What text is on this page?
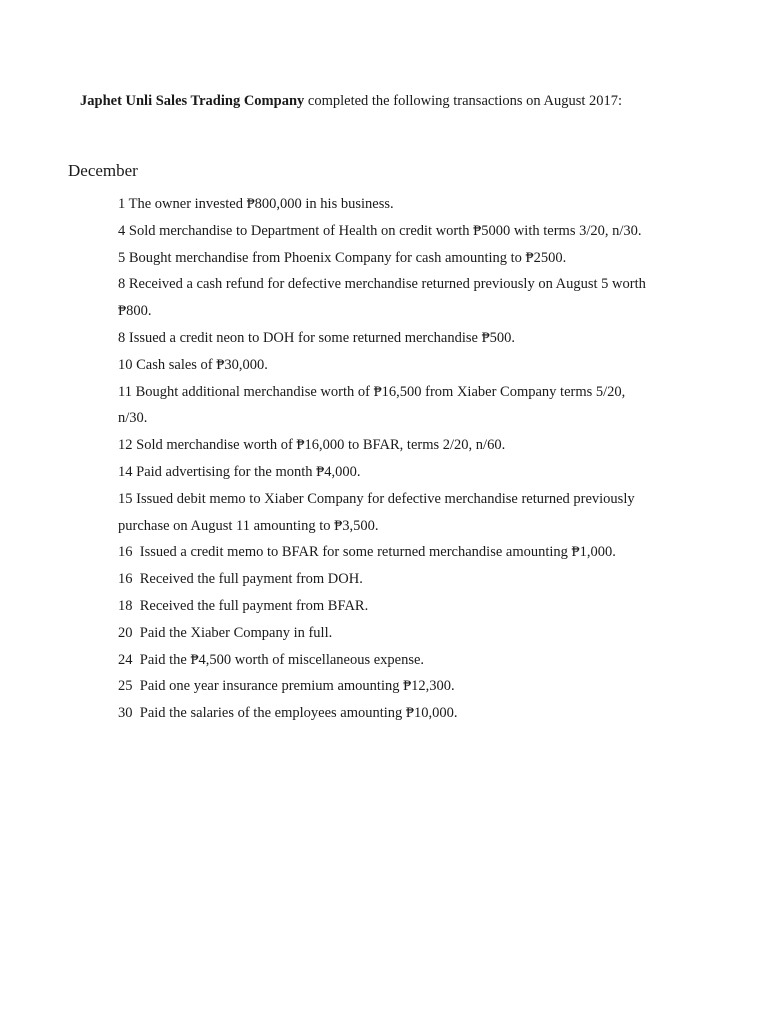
Japhet Unli Sales Trading Company completed the following transactions on August 2017:
December
1 The owner invested ₱800,000 in his business.
4 Sold merchandise to Department of Health on credit worth ₱5000 with terms 3/20, n/30.
5 Bought merchandise from Phoenix Company for cash amounting to ₱2500.
8 Received a cash refund for defective merchandise returned previously on August 5 worth
₱800.
8 Issued a credit neon to DOH for some returned merchandise ₱500.
10 Cash sales of ₱30,000.
11 Bought additional merchandise worth of ₱16,500 from Xiaber Company terms 5/20,
n/30.
12 Sold merchandise worth of ₱16,000 to BFAR, terms 2/20, n/60.
14 Paid advertising for the month ₱4,000.
15 Issued debit memo to Xiaber Company for defective merchandise returned previously
purchase on August 11 amounting to ₱3,500.
16  Issued a credit memo to BFAR for some returned merchandise amounting ₱1,000.
16  Received the full payment from DOH.
18  Received the full payment from BFAR.
20  Paid the Xiaber Company in full.
24  Paid the ₱4,500 worth of miscellaneous expense.
25  Paid one year insurance premium amounting ₱12,300.
30  Paid the salaries of the employees amounting ₱10,000.
